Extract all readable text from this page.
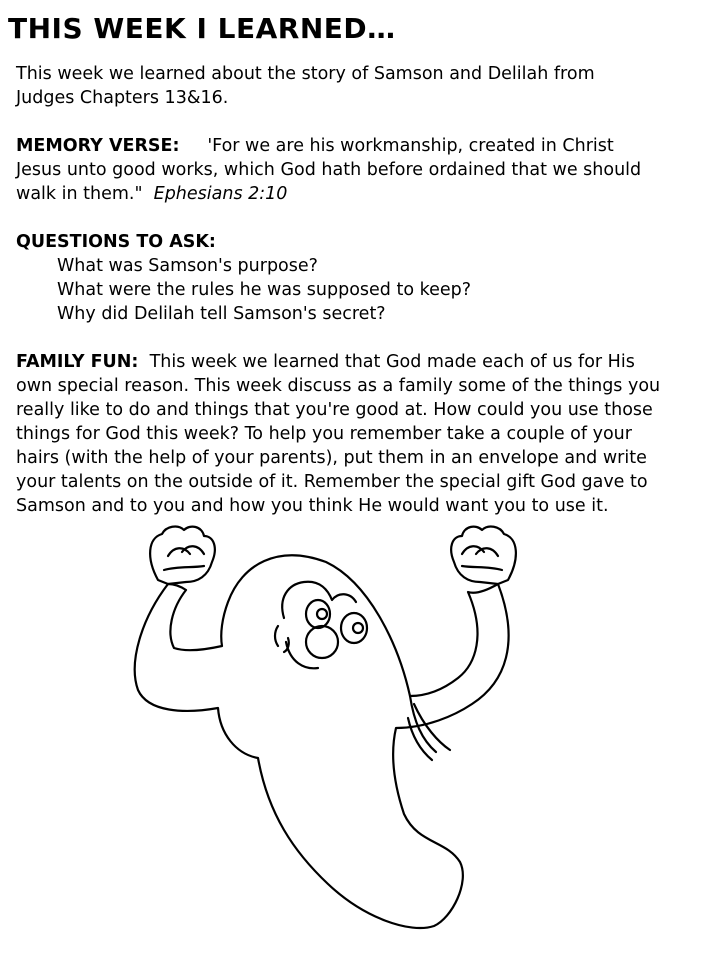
THIS WEEK I LEARNED…

This week we learned about the story of Samson and Delilah from

Judges Chapters 13&16.

MEMORY VERSE: 'For we are his workmanship, created in Christ

Jesus unto good works, which God hath before ordained that we should

walk in them." Ephesians 2:10

QUESTIONS TO ASK:

What was Samson's purpose?

What were the rules he was supposed to keep?

Why did Delilah tell Samson's secret?

FAMILY FUN: This week we learned that God made each of us for His

own special reason. This week discuss as a family some of the things you

really like to do and things that you're good at. How could you use those

things for God this week? To help you remember take a couple of your

hairs (with the help of your parents), put them in an envelope and write

your talents on the outside of it. Remember the special gift God gave to

Samson and to you and how you think He would want you to use it.
